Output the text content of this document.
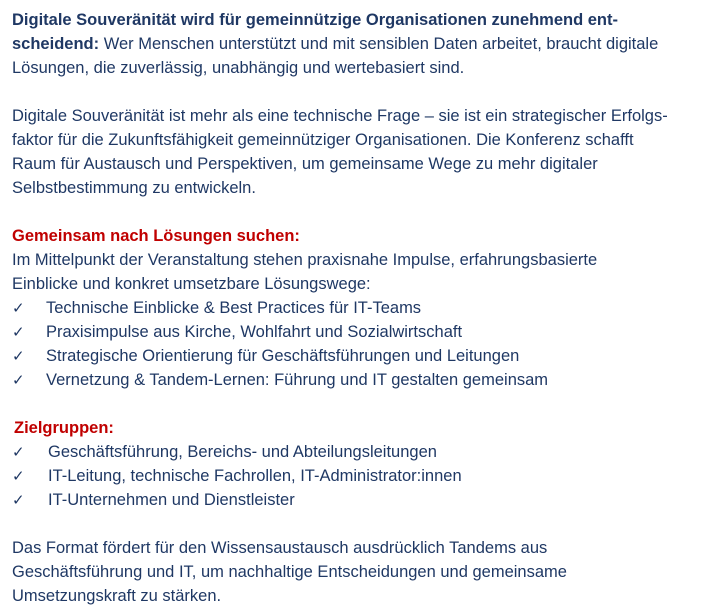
Digitale Souveränität wird für gemeinnützige Organisationen zunehmend ent-
scheidend: Wer Menschen unterstützt und mit sensiblen Daten arbeitet, braucht digitale
Lösungen, die zuverlässig, unabhängig und wertebasiert sind.
Digitale Souveränität ist mehr als eine technische Frage – sie ist ein strategischer Erfolgs-
faktor für die Zukunftsfähigkeit gemeinnütziger Organisationen. Die Konferenz schafft
Raum für Austausch und Perspektiven, um gemeinsame Wege zu mehr digitaler
Selbstbestimmung zu entwickeln.
Gemeinsam nach Lösungen suchen:
Im Mittelpunkt der Veranstaltung stehen praxisnahe Impulse, erfahrungsbasierte
Einblicke und konkret umsetzbare Lösungswege:
✓	Technische Einblicke & Best Practices für IT-Teams
✓	Praxisimpulse aus Kirche, Wohlfahrt und Sozialwirtschaft
✓	Strategische Orientierung für Geschäftsführungen und Leitungen
✓	Vernetzung & Tandem-Lernen: Führung und IT gestalten gemeinsam
Zielgruppen:
✓	Geschäftsführung, Bereichs- und Abteilungsleitungen
✓	IT-Leitung, technische Fachrollen, IT-Administrator:innen
✓	IT-Unternehmen und Dienstleister
Das Format fördert für den Wissensaustausch ausdrücklich Tandems aus
Geschäftsführung und IT, um nachhaltige Entscheidungen und gemeinsame
Umsetzungskraft zu stärken.
